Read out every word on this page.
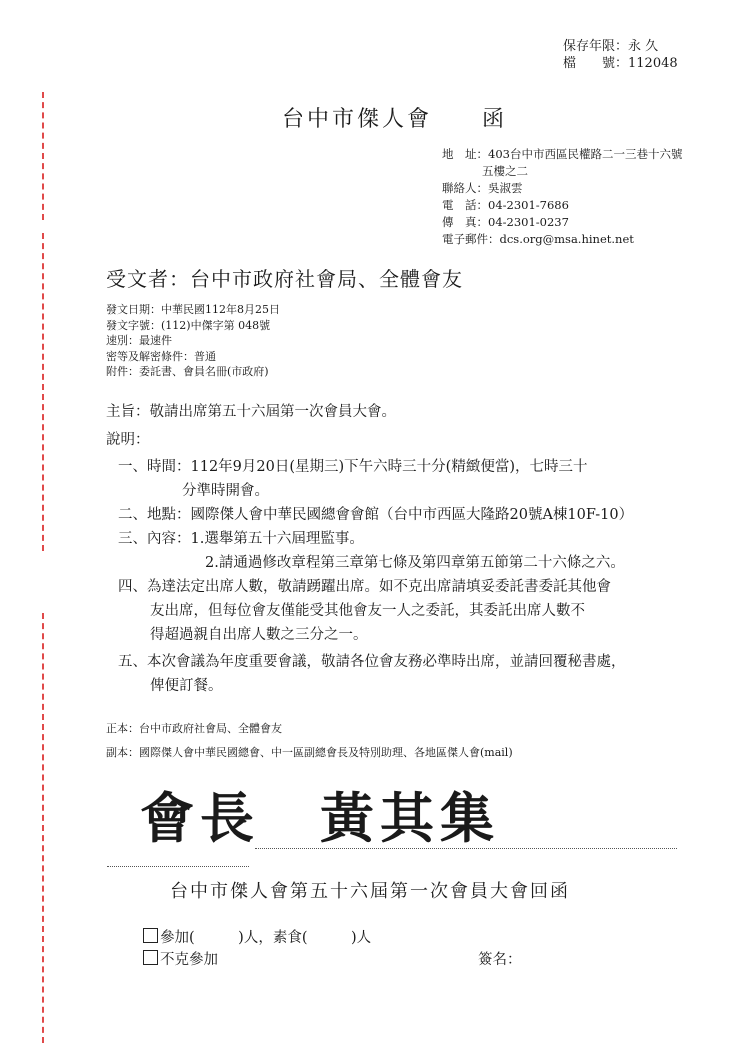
保存年限：永 久
檔　　號：112048
台中市傑人會　　函
地　址：403台中市西區民權路二一三巷十六號
五樓之二
聯絡人：吳淑雲
電　話：04-2301-7686
傳　真：04-2301-0237
電子郵件：dcs.org@msa.hinet.net
受文者：台中市政府社會局、全體會友
發文日期：中華民國112年8月25日
發文字號：(112)中傑字第 048號
速別：最速件
密等及解密條件：普通
附件：委託書、會員名冊(市政府)
主旨：敬請出席第五十六屆第一次會員大會。
說明：
一、時間：112年9月20日(星期三)下午六時三十分(精緻便當)，七時三十
分準時開會。
二、地點：國際傑人會中華民國總會會館（台中市西區大隆路20號A棟10F-10）
三、內容：1.選舉第五十六屆理監事。
2.請通過修改章程第三章第七條及第四章第五節第二十六條之六。
四、為達法定出席人數，敬請踴躍出席。如不克出席請填妥委託書委託其他會
友出席，但每位會友僅能受其他會友一人之委託，其委託出席人數不
得超過親自出席人數之三分之一。
五、本次會議為年度重要會議，敬請各位會友務必準時出席，並請回覆秘書處，
俾便訂餐。
正本：台中市政府社會局、全體會友
副本：國際傑人會中華民國總會、中一區副總會長及特別助理、各地區傑人會(mail)
會長　黃其集
台中市傑人會第五十六屆第一次會員大會回函
參加(　　　)人，素食(　　　)人
不克參加	簽名：
